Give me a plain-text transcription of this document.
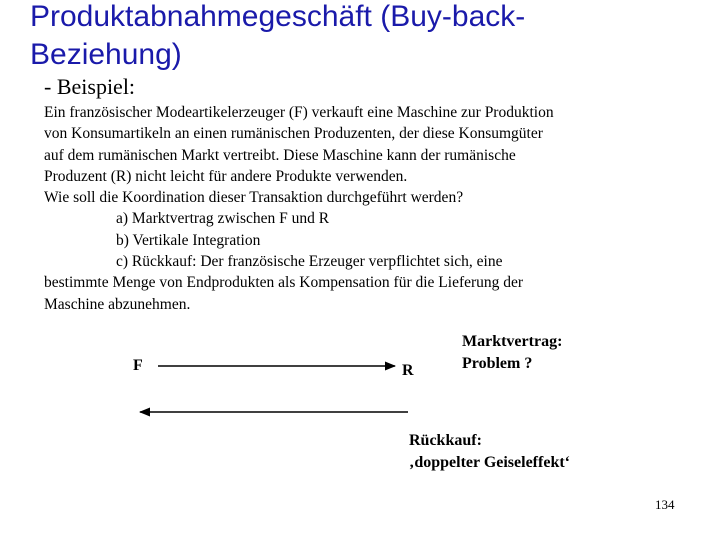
Produktabnahmegeschäft (Buy-back-
Beziehung)
- Beispiel:
Ein französischer Modeartikelerzeuger (F) verkauft eine Maschine zur Produktion
von Konsumartikeln an einen rumänischen Produzenten, der diese Konsumgüter
auf dem rumänischen Markt vertreibt. Diese Maschine kann der rumänische
Produzent (R) nicht leicht für andere Produkte verwenden.
Wie soll die Koordination dieser Transaktion durchgeführt werden?
a) Marktvertrag zwischen F und R
b) Vertikale Integration
c) Rückkauf: Der französische Erzeuger verpflichtet sich, eine
bestimmte Menge von Endprodukten als Kompensation für die Lieferung der
Maschine abzunehmen.
F	R
Marktvertrag:
Problem ?
Rückkauf:
‚doppelter Geiseleffekt‘
134
